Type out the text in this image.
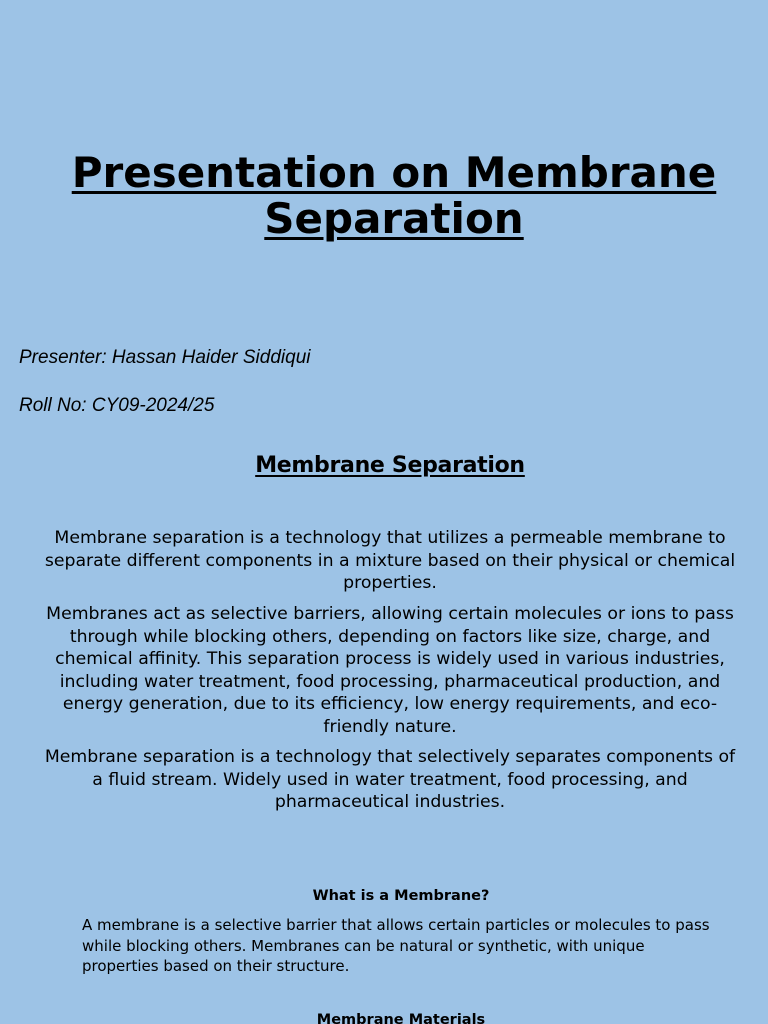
Presentation on Membrane Separation

Presenter: Hassan Haider Siddiqui

Roll No: CY09-2024/25

Membrane Separation

Membrane separation is a technology that utilizes a permeable membrane to separate different components in a mixture based on their physical or chemical properties.

Membranes act as selective barriers, allowing certain molecules or ions to pass through while blocking others, depending on factors like size, charge, and chemical affinity. This separation process is widely used in various industries, including water treatment, food processing, pharmaceutical production, and energy generation, due to its efficiency, low energy requirements, and eco-friendly nature.

Membrane separation is a technology that selectively separates components of a fluid stream. Widely used in water treatment, food processing, and pharmaceutical industries.

What is a Membrane?

A membrane is a selective barrier that allows certain particles or molecules to pass while blocking others. Membranes can be natural or synthetic, with unique properties based on their structure.

Membrane Materials
